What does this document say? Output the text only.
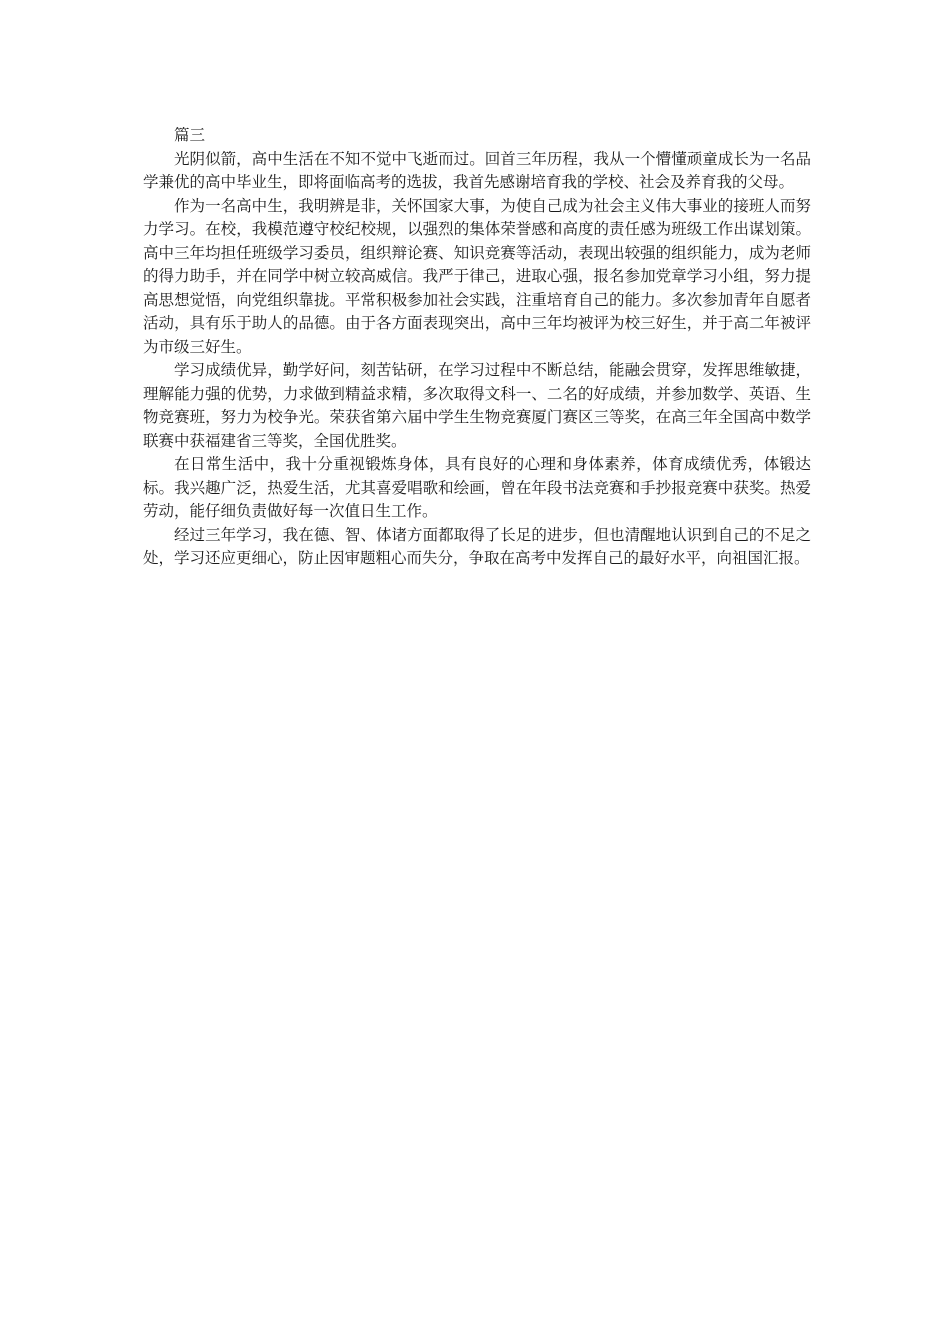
篇三

光阴似箭，高中生活在不知不觉中飞逝而过。回首三年历程，我从一个懵懂顽童成长为一名品学兼优的高中毕业生，即将面临高考的选拔，我首先感谢培育我的学校、社会及养育我的父母。

作为一名高中生，我明辨是非，关怀国家大事，为使自己成为社会主义伟大事业的接班人而努力学习。在校，我模范遵守校纪校规，以强烈的集体荣誉感和高度的责任感为班级工作出谋划策。高中三年均担任班级学习委员，组织辩论赛、知识竞赛等活动，表现出较强的组织能力，成为老师的得力助手，并在同学中树立较高威信。我严于律己，进取心强，报名参加党章学习小组，努力提高思想觉悟，向党组织靠拢。平常积极参加社会实践，注重培育自己的能力。多次参加青年自愿者活动，具有乐于助人的品德。由于各方面表现突出，高中三年均被评为校三好生，并于高二年被评为市级三好生。

学习成绩优异，勤学好问，刻苦钻研，在学习过程中不断总结，能融会贯穿，发挥思维敏捷，理解能力强的优势，力求做到精益求精，多次取得文科一、二名的好成绩，并参加数学、英语、生物竞赛班，努力为校争光。荣获省第六届中学生生物竞赛厦门赛区三等奖，在高三年全国高中数学联赛中获福建省三等奖，全国优胜奖。

在日常生活中，我十分重视锻炼身体，具有良好的心理和身体素养，体育成绩优秀，体锻达标。我兴趣广泛，热爱生活，尤其喜爱唱歌和绘画，曾在年段书法竞赛和手抄报竞赛中获奖。热爱劳动，能仔细负责做好每一次值日生工作。

经过三年学习，我在德、智、体诸方面都取得了长足的进步，但也清醒地认识到自己的不足之处，学习还应更细心，防止因审题粗心而失分，争取在高考中发挥自己的最好水平，向祖国汇报。
